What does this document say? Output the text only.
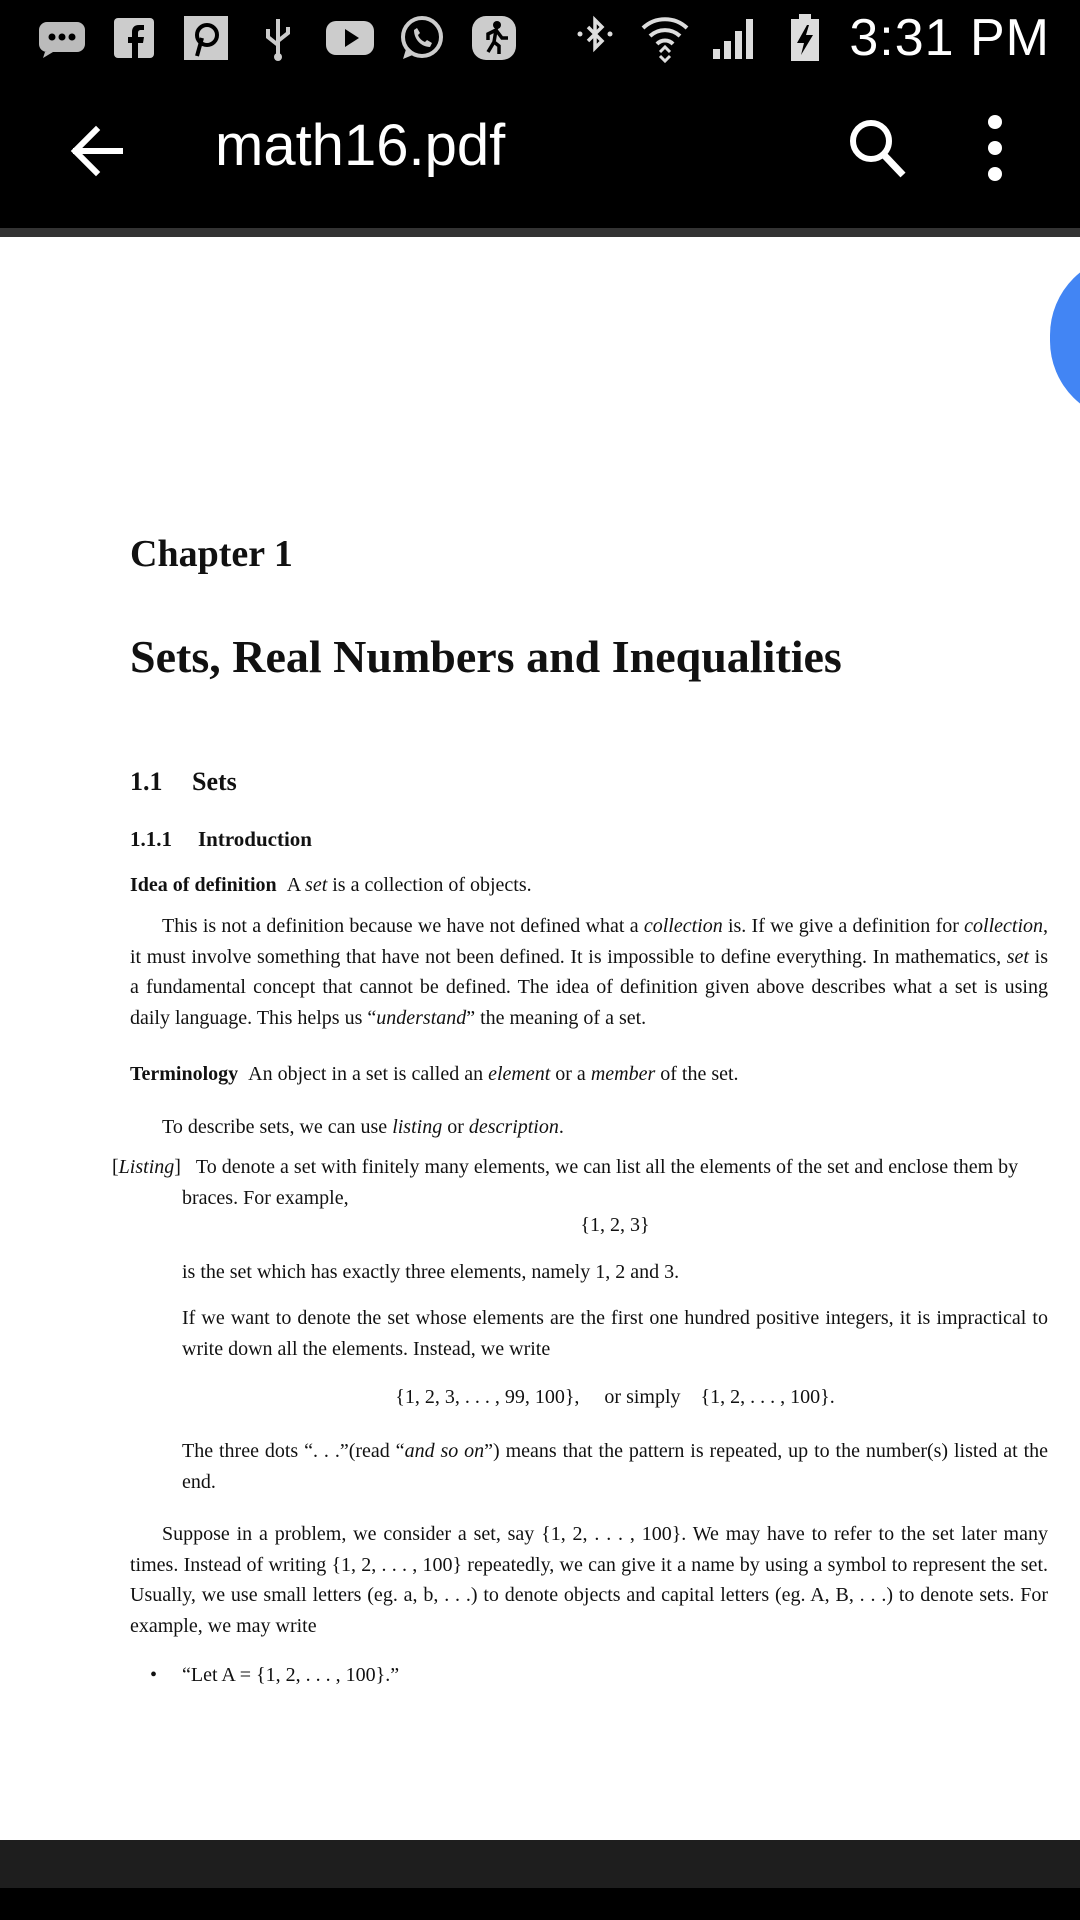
3:31 PM
math16.pdf
Chapter 1
Sets, Real Numbers and Inequalities
1.1 Sets
1.1.1 Introduction
Idea of definition A set is a collection of objects.
This is not a definition because we have not defined what a collection is. If we give a definition for collection, it must involve something that have not been defined. It is impossible to define everything. In mathematics, set is a fundamental concept that cannot be defined. The idea of definition given above describes what a set is using daily language. This helps us “understand” the meaning of a set.
Terminology An object in a set is called an element or a member of the set.
To describe sets, we can use listing or description.
[Listing]   To denote a set with finitely many elements, we can list all the elements of the set and enclose them by
braces. For example,
{1, 2, 3}
is the set which has exactly three elements, namely 1, 2 and 3.
If we want to denote the set whose elements are the first one hundred positive integers, it is impractical to write down all the elements. Instead, we write
{1, 2, 3, . . . , 99, 100},     or simply    {1, 2, . . . , 100}.
The three dots “. . .”(read “and so on”) means that the pattern is repeated, up to the number(s) listed at the end.
Suppose in a problem, we consider a set, say {1, 2, . . . , 100}. We may have to refer to the set later many times. Instead of writing {1, 2, . . . , 100} repeatedly, we can give it a name by using a symbol to represent the set. Usually, we use small letters (eg. a, b, . . .) to denote objects and capital letters (eg. A, B, . . .) to denote sets. For example, we may write
• “Let A = {1, 2, . . . , 100}.”
